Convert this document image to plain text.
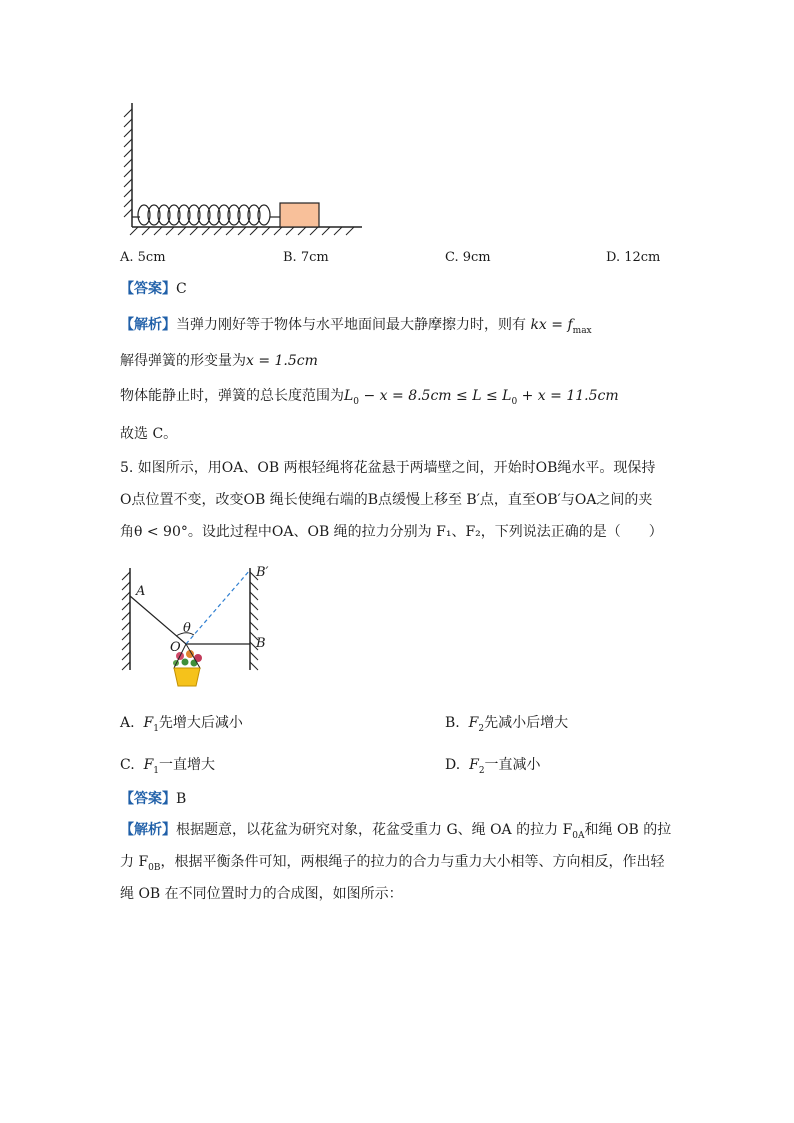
A. 5cm	B. 7cm	C. 9cm	D. 12cm
【答案】C
【解析】当弹力刚好等于物体与水平地面间最大静摩擦力时，则有 kx = $f_{max}$
解得弹簧的形变量为x = 1.5cm
物体能静止时，弹簧的总长度范围为$L_0 - x = 8.5cm \le L \le L_0 + x = 11.5cm$
故选 C。
5. 如图所示，用OA、OB 两根轻绳将花盆悬于两墙壁之间，开始时OB绳水平。现保持
O点位置不变，改变OB 绳长使绳右端的B点缓慢上移至 B′点，直至OB′与OA之间的夹
角θ < 90°。设此过程中OA、OB 绳的拉力分别为 F₁、F₂，下列说法正确的是（　　）
A
B′
B
O
θ
A. $F_1$先增大后减小	B. $F_2$先减小后增大
C. $F_1$一直增大	D. $F_2$一直减小
【答案】B
【解析】根据题意，以花盆为研究对象，花盆受重力 G、绳 OA 的拉力 $F_{0A}$和绳 OB 的拉
力 $F_{0B}$，根据平衡条件可知，两根绳子的拉力的合力与重力大小相等、方向相反，作出轻
绳 OB 在不同位置时力的合成图，如图所示：
